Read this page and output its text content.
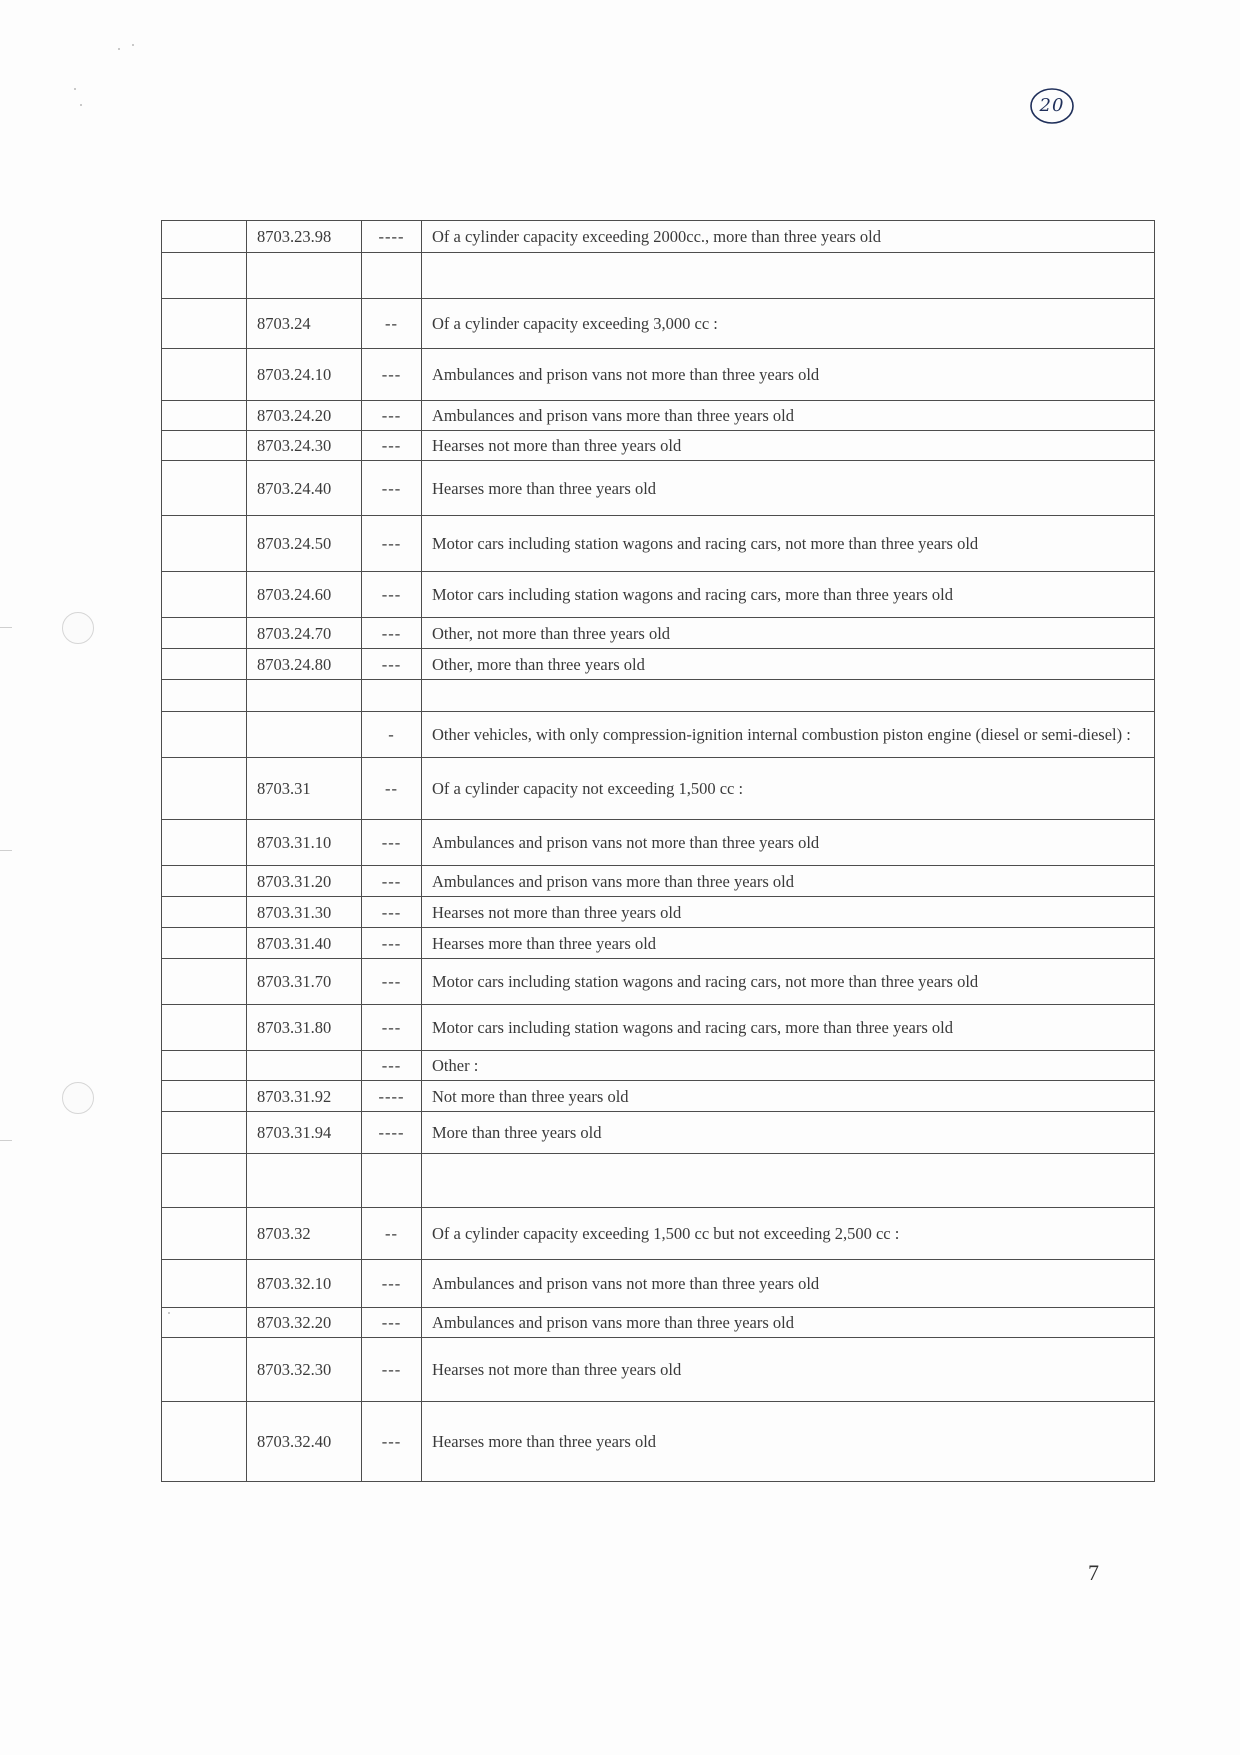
20
	8703.23.98	----	Of a cylinder capacity exceeding 2000cc., more than three years old

	8703.24	--	Of a cylinder capacity exceeding 3,000 cc :
	8703.24.10	---	Ambulances and prison vans not more than three years old
	8703.24.20	---	Ambulances and prison vans more than three years old
	8703.24.30	---	Hearses not more than three years old
	8703.24.40	---	Hearses more than three years old
	8703.24.50	---	Motor cars including station wagons and racing cars, not more than three years old
	8703.24.60	---	Motor cars including station wagons and racing cars, more than three years old
	8703.24.70	---	Other, not more than three years old
	8703.24.80	---	Other, more than three years old

		-	Other vehicles, with only compression-ignition internal combustion piston engine (diesel or semi-diesel) :
	8703.31	--	Of a cylinder capacity not exceeding 1,500 cc :
	8703.31.10	---	Ambulances and prison vans not more than three years old
	8703.31.20	---	Ambulances and prison vans more than three years old
	8703.31.30	---	Hearses not more than three years old
	8703.31.40	---	Hearses more than three years old
	8703.31.70	---	Motor cars including station wagons and racing cars, not more than three years old
	8703.31.80	---	Motor cars including station wagons and racing cars, more than three years old
		---	Other :
	8703.31.92	----	Not more than three years old
	8703.31.94	----	More than three years old

	8703.32	--	Of a cylinder capacity exceeding 1,500 cc but not exceeding 2,500 cc :
	8703.32.10	---	Ambulances and prison vans not more than three years old
	8703.32.20	---	Ambulances and prison vans more than three years old
	8703.32.30	---	Hearses not more than three years old
	8703.32.40	---	Hearses more than three years old
7
